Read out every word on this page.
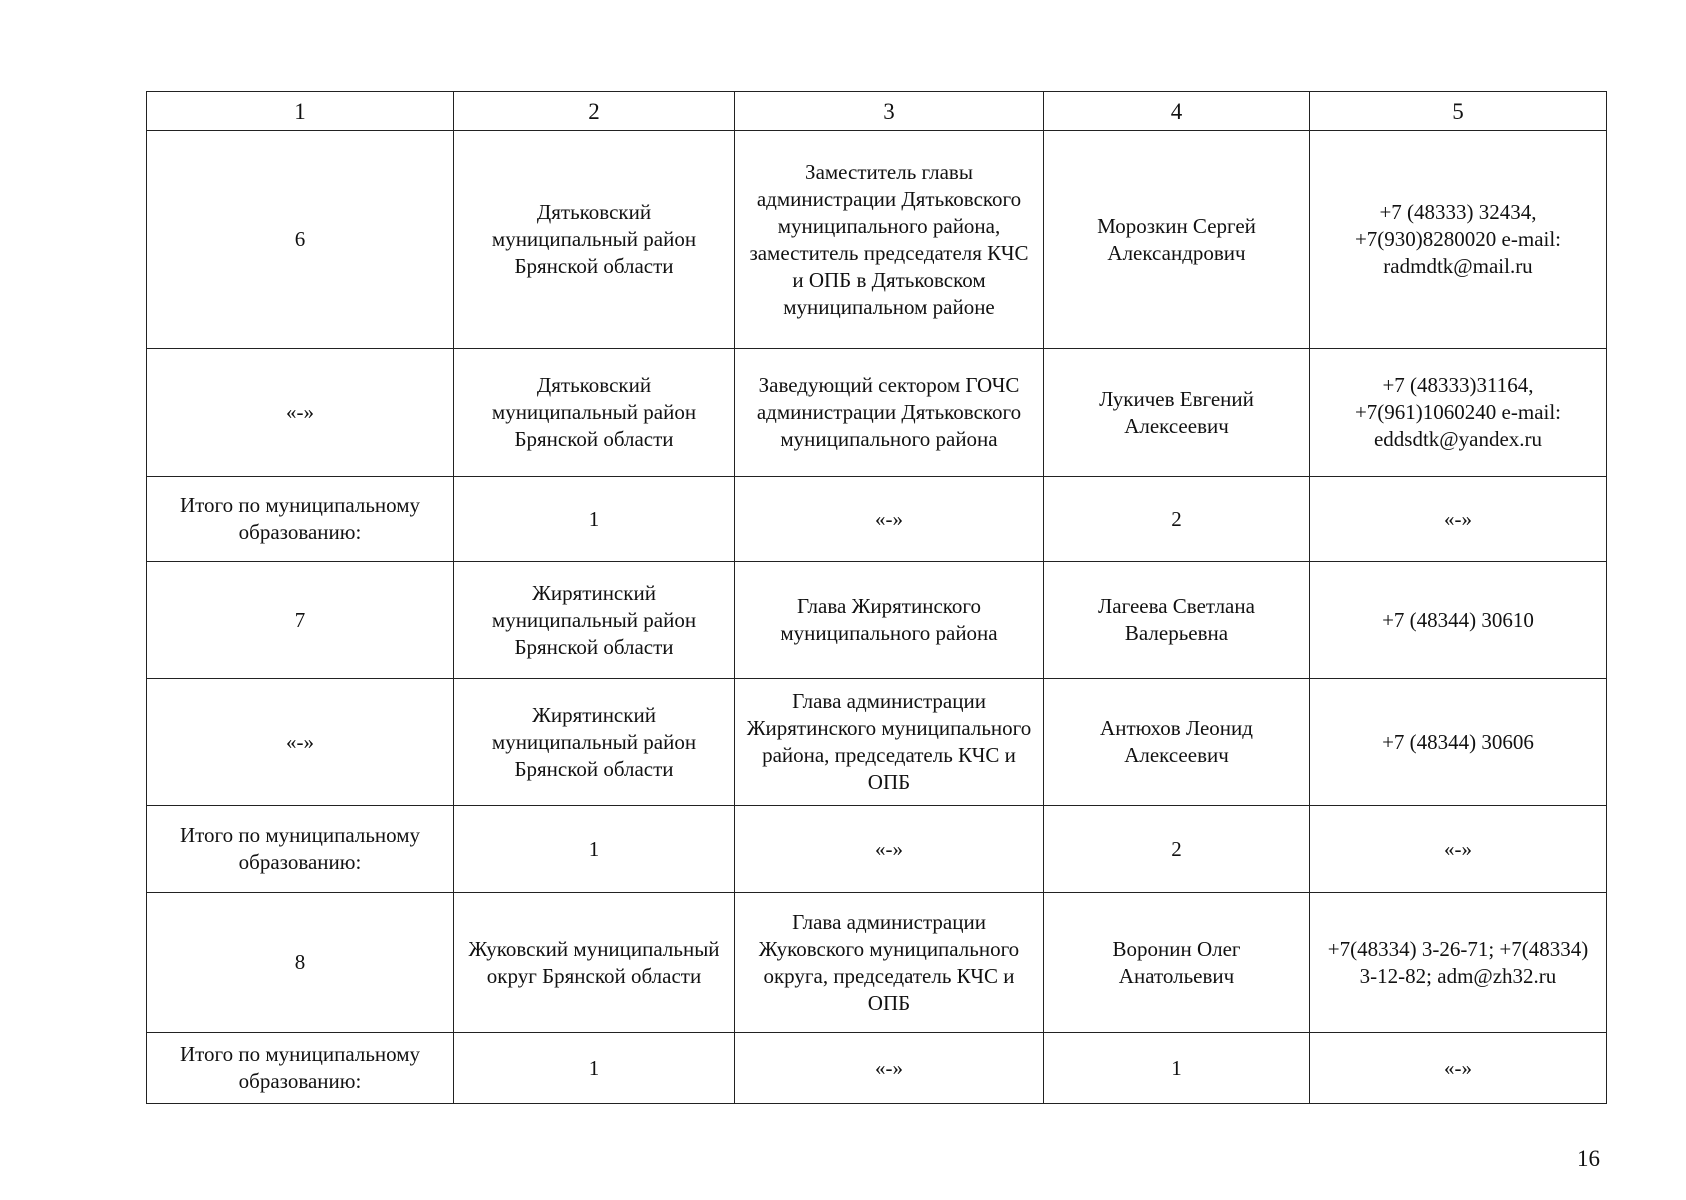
1	2	3	4	5
6	Дятьковский муниципальный район Брянской области	Заместитель главы администрации Дятьковского муниципального района, заместитель председателя КЧС и ОПБ в Дятьковском муниципальном районе	Морозкин Сергей Александрович	+7 (48333) 32434, +7(930)8280020 e-mail: radmdtk@mail.ru
«-»	Дятьковский муниципальный район Брянской области	Заведующий сектором ГОЧС администрации Дятьковского муниципального района	Лукичев Евгений Алексеевич	+7 (48333)31164, +7(961)1060240 e-mail: eddsdtk@yandex.ru
Итого по муниципальному образованию:	1	«-»	2	«-»
7	Жирятинский муниципальный район Брянской области	Глава Жирятинского муниципального района	Лагеева Светлана Валерьевна	+7 (48344) 30610
«-»	Жирятинский муниципальный район Брянской области	Глава администрации Жирятинского муниципального района, председатель КЧС и ОПБ	Антюхов Леонид Алексеевич	+7 (48344) 30606
Итого по муниципальному образованию:	1	«-»	2	«-»
8	Жуковский муниципальный округ Брянской области	Глава администрации Жуковского муниципального округа, председатель КЧС и ОПБ	Воронин Олег Анатольевич	+7(48334) 3-26-71; +7(48334) 3-12-82; adm@zh32.ru
Итого по муниципальному образованию:	1	«-»	1	«-»
16
